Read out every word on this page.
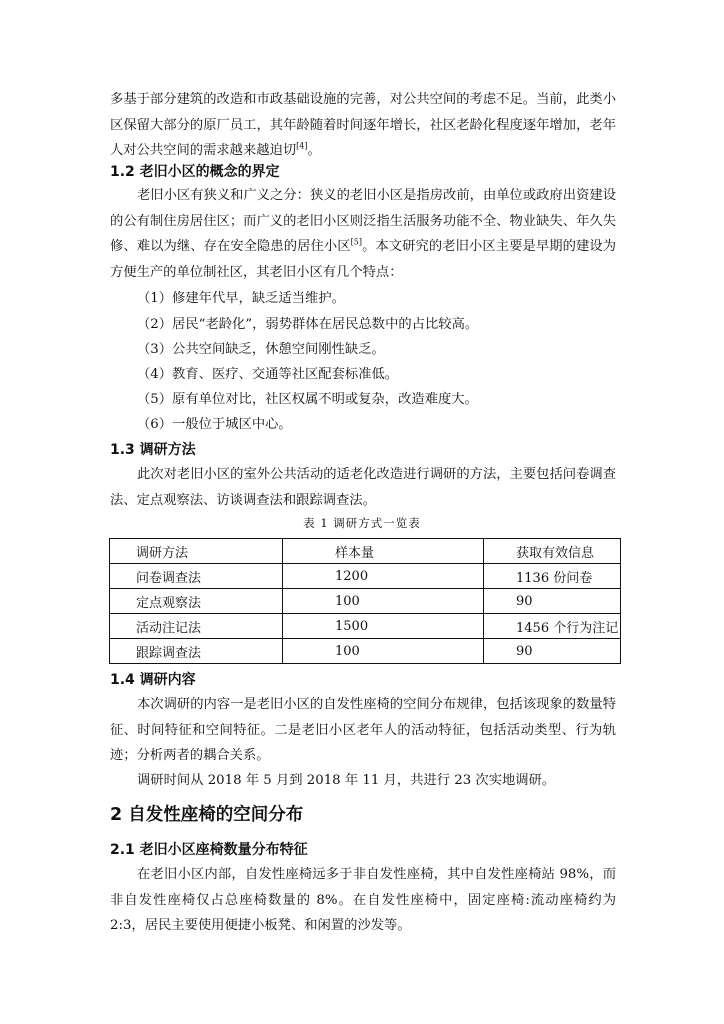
多基于部分建筑的改造和市政基础设施的完善，对公共空间的考虑不足。当前，此类小区保留大部分的原厂员工，其年龄随着时间逐年增长，社区老龄化程度逐年增加，老年人对公共空间的需求越来越迫切[4]。

1.2 老旧小区的概念的界定

老旧小区有狭义和广义之分：狭义的老旧小区是指房改前，由单位或政府出资建设的公有制住房居住区；而广义的老旧小区则泛指生活服务功能不全、物业缺失、年久失修、难以为继、存在安全隐患的居住小区[5]。本文研究的老旧小区主要是早期的建设为方便生产的单位制社区，其老旧小区有几个特点：

（1）修建年代早，缺乏适当维护。

（2）居民“老龄化”，弱势群体在居民总数中的占比较高。

（3）公共空间缺乏，休憩空间刚性缺乏。

（4）教育、医疗、交通等社区配套标准低。

（5）原有单位对比，社区权属不明或复杂，改造难度大。

（6）一般位于城区中心。

1.3 调研方法

此次对老旧小区的室外公共活动的适老化改造进行调研的方法，主要包括问卷调查法、定点观察法、访谈调查法和跟踪调查法。

表 1 调研方式一览表
调研方法	样本量	获取有效信息
问卷调查法	1200	1136 份问卷
定点观察法	100	90
活动注记法	1500	1456 个行为注记
跟踪调查法	100	90
1.4 调研内容

本次调研的内容一是老旧小区的自发性座椅的空间分布规律，包括该现象的数量特征、时间特征和空间特征。二是老旧小区老年人的活动特征，包括活动类型、行为轨迹；分析两者的耦合关系。

调研时间从 2018 年 5 月到 2018 年 11 月，共进行 23 次实地调研。

2 自发性座椅的空间分布
2.1 老旧小区座椅数量分布特征

在老旧小区内部，自发性座椅远多于非自发性座椅，其中自发性座椅站 98%，而非自发性座椅仅占总座椅数量的 8%。在自发性座椅中，固定座椅:流动座椅约为 2:3，居民主要使用便捷小板凳、和闲置的沙发等。
